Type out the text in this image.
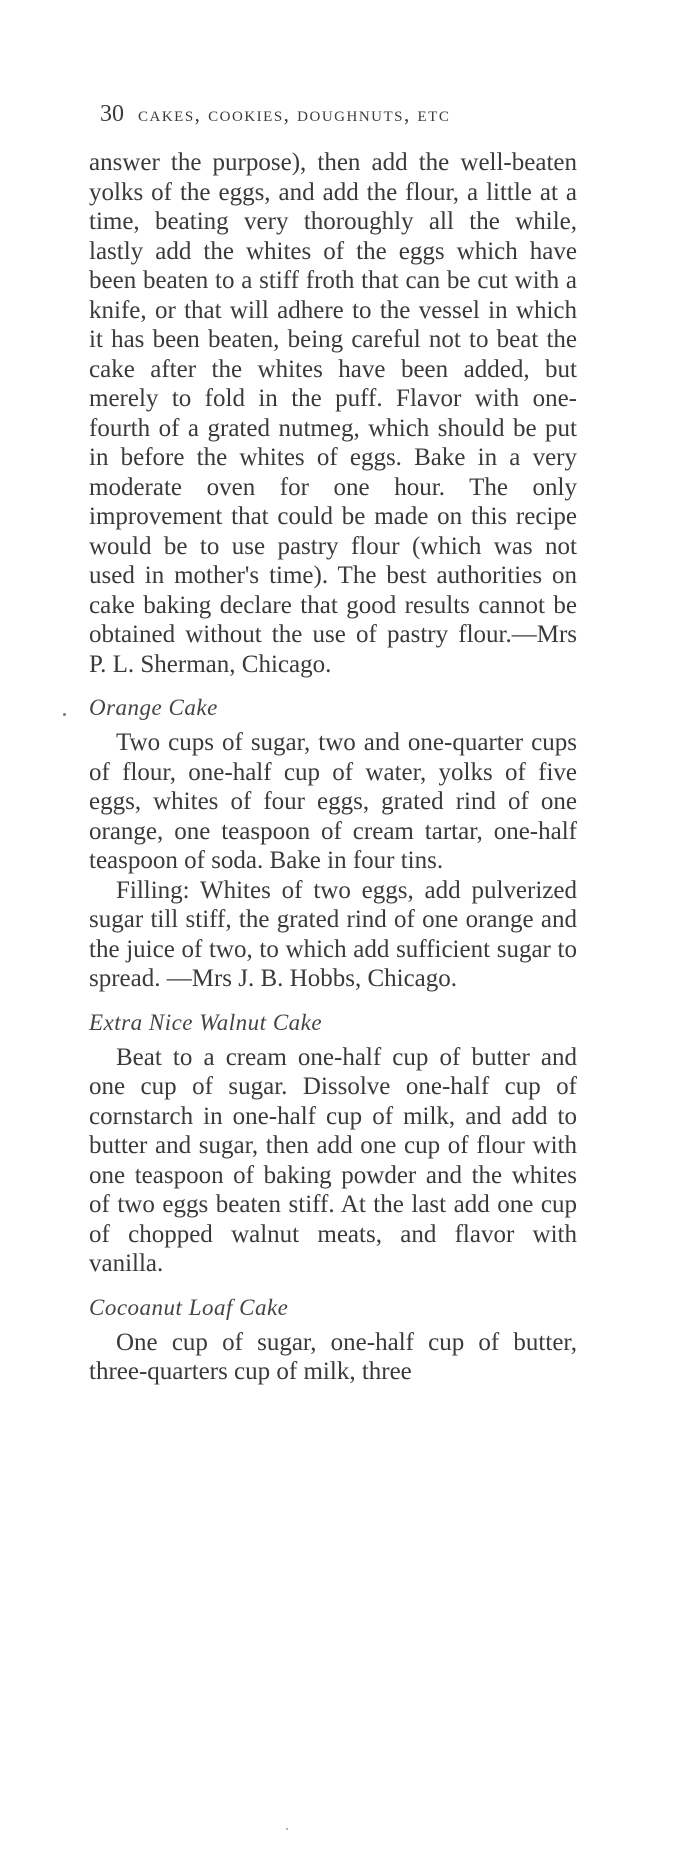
30 cakes, cookies, doughnuts, etc

answer the purpose), then add the well-beaten yolks of the eggs, and add the flour, a little at a time, beating very thoroughly all the while, lastly add the whites of the eggs which have been beaten to a stiff froth that can be cut with a knife, or that will adhere to the vessel in which it has been beaten, being careful not to beat the cake after the whites have been added, but merely to fold in the puff. Flavor with one-fourth of a grated nutmeg, which should be put in before the whites of eggs. Bake in a very moderate oven for one hour. The only improvement that could be made on this recipe would be to use pastry flour (which was not used in mother's time). The best authorities on cake baking declare that good results cannot be obtained without the use of pastry flour.—Mrs P. L. Sherman, Chicago.

Orange Cake

Two cups of sugar, two and one-quarter cups of flour, one-half cup of water, yolks of five eggs, whites of four eggs, grated rind of one orange, one teaspoon of cream tartar, one-half teaspoon of soda. Bake in four tins.

Filling: Whites of two eggs, add pulverized sugar till stiff, the grated rind of one orange and the juice of two, to which add sufficient sugar to spread. —Mrs J. B. Hobbs, Chicago.

Extra Nice Walnut Cake

Beat to a cream one-half cup of butter and one cup of sugar. Dissolve one-half cup of cornstarch in one-half cup of milk, and add to butter and sugar, then add one cup of flour with one teaspoon of baking powder and the whites of two eggs beaten stiff. At the last add one cup of chopped walnut meats, and flavor with vanilla.

Cocoanut Loaf Cake

One cup of sugar, one-half cup of butter, three-quarters cup of milk, three
